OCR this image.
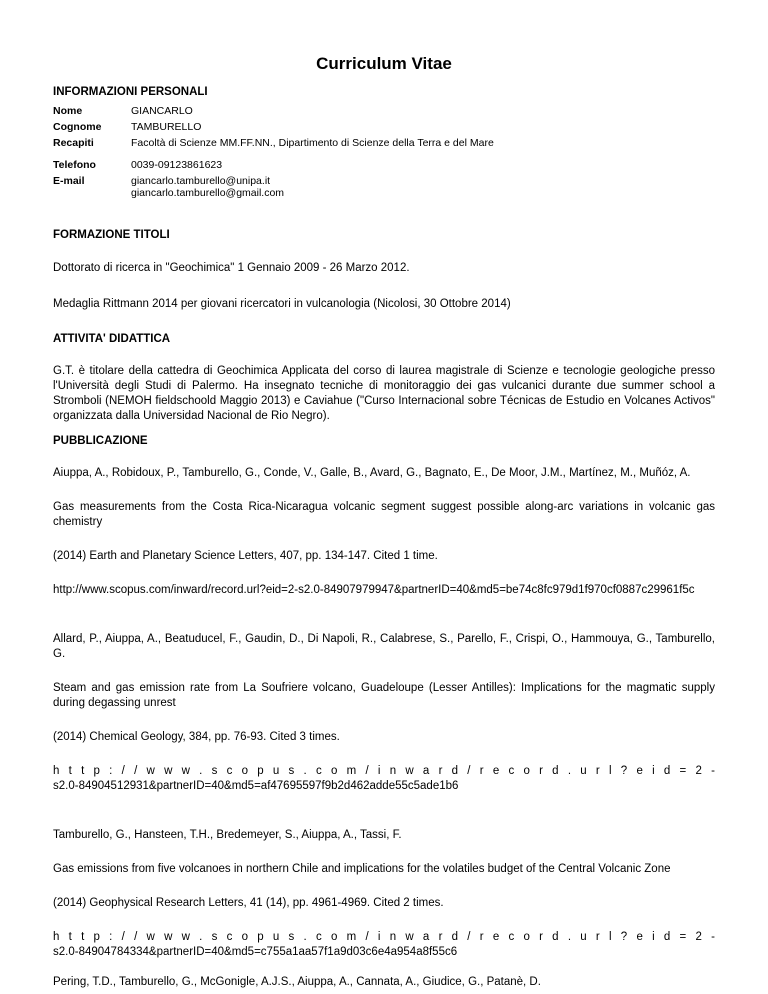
Curriculum Vitae
INFORMAZIONI PERSONALI
Nome	GIANCARLO
Cognome	TAMBURELLO
Recapiti	Facoltà di Scienze MM.FF.NN., Dipartimento di Scienze della Terra e del Mare
Telefono	0039-09123861623
E-mail	giancarlo.tamburello@unipa.it
giancarlo.tamburello@gmail.com
FORMAZIONE TITOLI

Dottorato di ricerca in "Geochimica" 1 Gennaio 2009 - 26 Marzo 2012.

Medaglia Rittmann 2014 per giovani ricercatori in vulcanologia (Nicolosi, 30 Ottobre 2014)

ATTIVITA' DIDATTICA

G.T. è titolare della cattedra di Geochimica Applicata del corso di laurea magistrale di Scienze e tecnologie geologiche presso l'Università degli Studi di Palermo. Ha insegnato tecniche di monitoraggio dei gas vulcanici durante due summer school a Stromboli (NEMOH fieldschoold Maggio 2013) e Caviahue ("Curso Internacional sobre Técnicas de Estudio en Volcanes Activos" organizzata dalla Universidad Nacional de Rio Negro).

PUBBLICAZIONE

Aiuppa, A., Robidoux, P., Tamburello, G., Conde, V., Galle, B., Avard, G., Bagnato, E., De Moor, J.M., Martínez, M., Muñóz, A.

Gas measurements from the Costa Rica-Nicaragua volcanic segment suggest possible along-arc variations in volcanic gas chemistry

(2014) Earth and Planetary Science Letters, 407, pp. 134-147. Cited 1 time.

http://www.scopus.com/inward/record.url?eid=2-s2.0-84907979947&partnerID=40&md5=be74c8fc979d1f970cf0887c29961f5c

Allard, P., Aiuppa, A., Beatuducel, F., Gaudin, D., Di Napoli, R., Calabrese, S., Parello, F., Crispi, O., Hammouya, G., Tamburello, G.

Steam and gas emission rate from La Soufriere volcano, Guadeloupe (Lesser Antilles): Implications for the magmatic supply during degassing unrest

(2014) Chemical Geology, 384, pp. 76-93. Cited 3 times.

h t t p : / / w w w . s c o p u s . c o m / i n w a r d / r e c o r d . u r l ? e i d = 2 -
s2.0-84904512931&partnerID=40&md5=af47695597f9b2d462adde55c5ade1b6

Tamburello, G., Hansteen, T.H., Bredemeyer, S., Aiuppa, A., Tassi, F.

Gas emissions from five volcanoes in northern Chile and implications for the volatiles budget of the Central Volcanic Zone

(2014) Geophysical Research Letters, 41 (14), pp. 4961-4969. Cited 2 times.

h t t p : / / w w w . s c o p u s . c o m / i n w a r d / r e c o r d . u r l ? e i d = 2 -
s2.0-84904784334&partnerID=40&md5=c755a1aa57f1a9d03c6e4a954a8f55c6

Pering, T.D., Tamburello, G., McGonigle, A.J.S., Aiuppa, A., Cannata, A., Giudice, G., Patanè, D.
